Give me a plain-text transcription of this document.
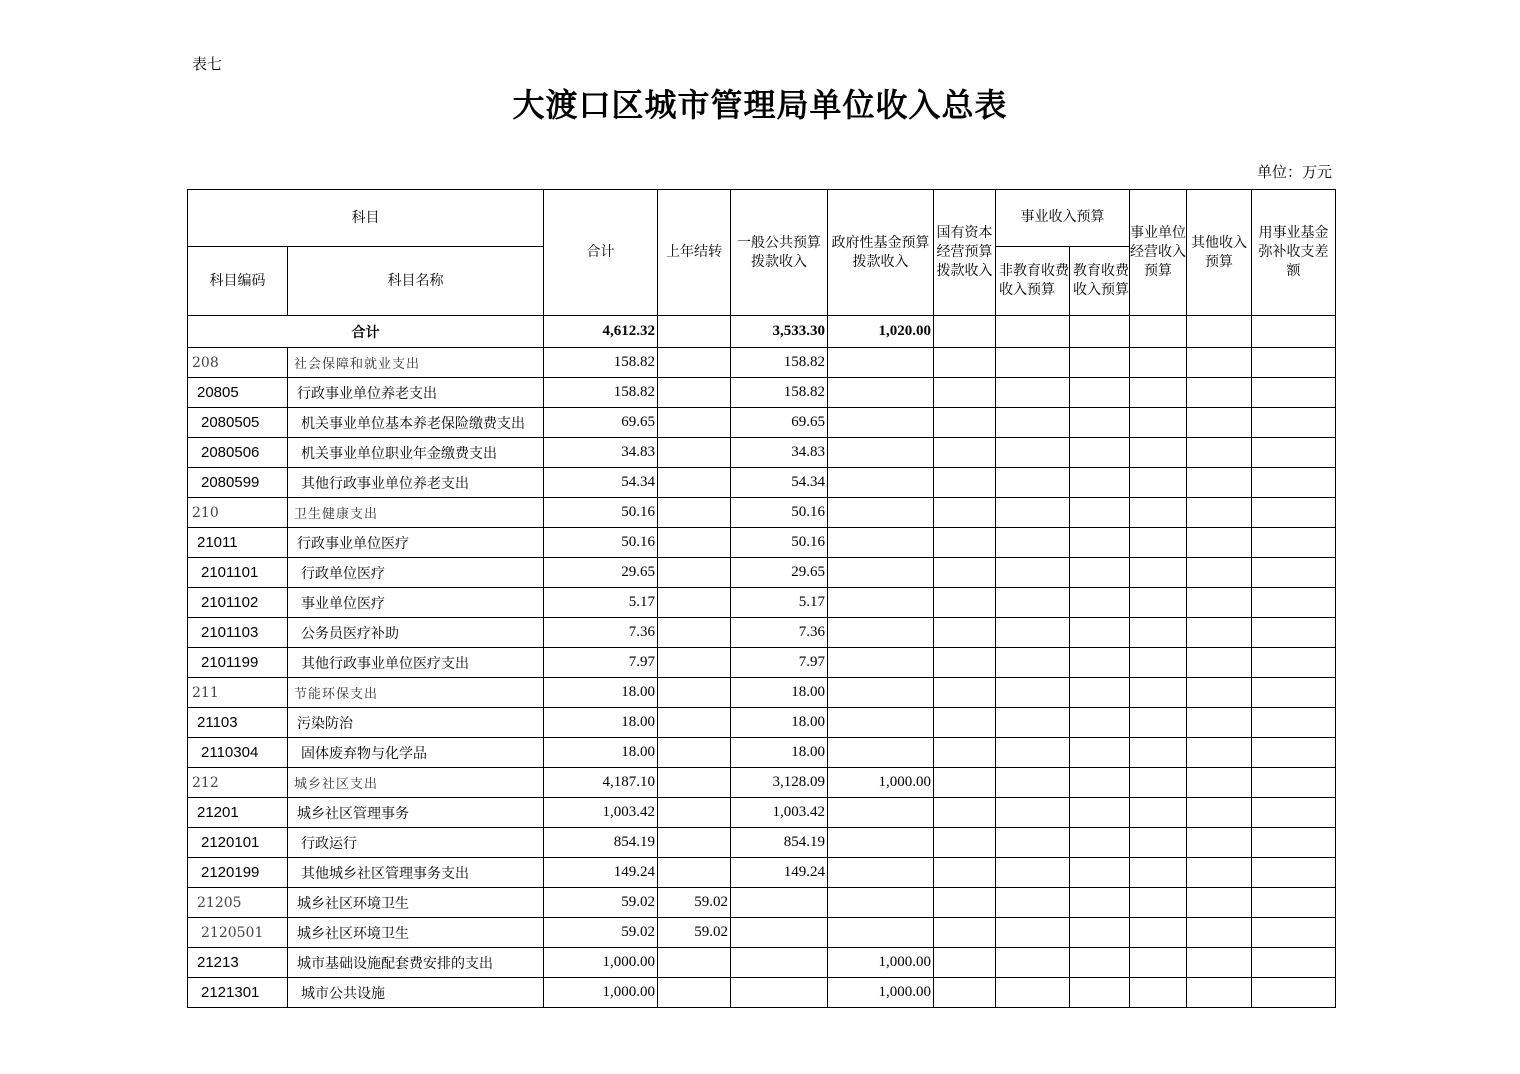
表七
大渡口区城市管理局单位收入总表
单位：万元
科目		合计	上年结转	一般公共预算拨款收入	政府性基金预算拨款收入	国有资本经营预算拨款收入	事业收入预算		事业单位经营收入预算	其他收入预算	用事业基金弥补收支差额
科目编码	科目名称						非教育收费收入预算	教育收费收入预算			
合计		4,612.32		3,533.30	1,020.00						
208	社会保障和就业支出	158.82		158.82							
20805	行政事业单位养老支出	158.82		158.82							
2080505	机关事业单位基本养老保险缴费支出	69.65		69.65							
2080506	机关事业单位职业年金缴费支出	34.83		34.83							
2080599	其他行政事业单位养老支出	54.34		54.34							
210	卫生健康支出	50.16		50.16							
21011	行政事业单位医疗	50.16		50.16							
2101101	行政单位医疗	29.65		29.65							
2101102	事业单位医疗	5.17		5.17							
2101103	公务员医疗补助	7.36		7.36							
2101199	其他行政事业单位医疗支出	7.97		7.97							
211	节能环保支出	18.00		18.00							
21103	污染防治	18.00		18.00							
2110304	固体废弃物与化学品	18.00		18.00							
212	城乡社区支出	4,187.10		3,128.09	1,000.00						
21201	城乡社区管理事务	1,003.42		1,003.42							
2120101	行政运行	854.19		854.19							
2120199	其他城乡社区管理事务支出	149.24		149.24							
21205	城乡社区环境卫生	59.02	59.02								
2120501	城乡社区环境卫生	59.02	59.02								
21213	城市基础设施配套费安排的支出	1,000.00			1,000.00						
2121301	城市公共设施	1,000.00			1,000.00						
